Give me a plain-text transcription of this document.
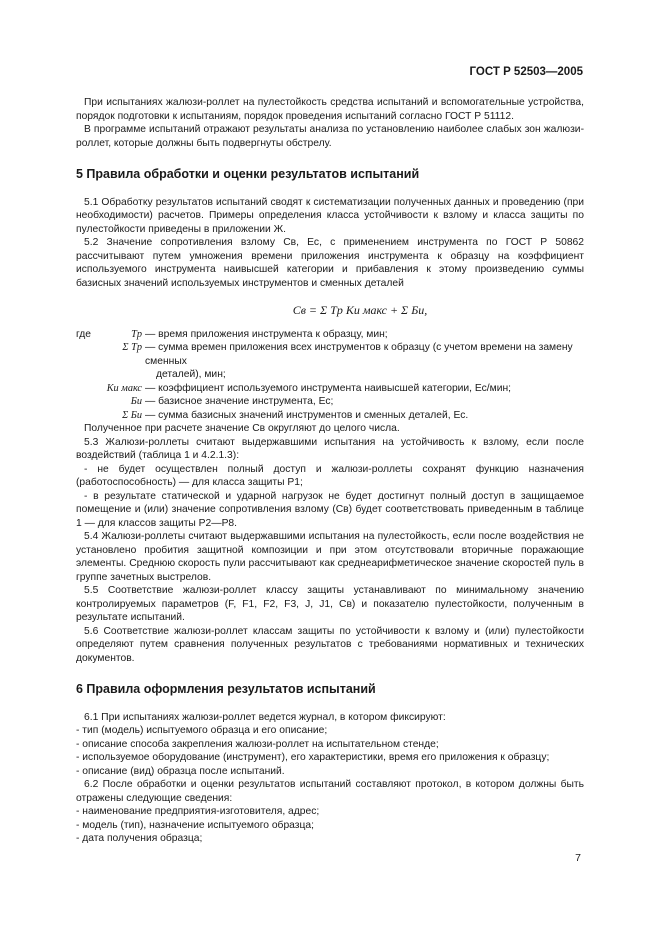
ГОСТ Р 52503—2005

При испытаниях жалюзи-роллет на пулестойкость средства испытаний и вспомогательные устройства, порядок подготовки к испытаниям, порядок проведения испытаний согласно ГОСТ Р 51112.

В программе испытаний отражают результаты анализа по установлению наиболее слабых зон жалюзи-роллет, которые должны быть подвергнуты обстрелу.

5 Правила обработки и оценки результатов испытаний

5.1 Обработку результатов испытаний сводят к систематизации полученных данных и проведению (при необходимости) расчетов. Примеры определения класса устойчивости к взлому и класса защиты по пулестойкости приведены в приложении Ж.

5.2 Значение сопротивления взлому Cв, Ес, с применением инструмента по ГОСТ Р 50862 рассчитывают путем умножения времени приложения инструмента к образцу на коэффициент используемого инструмента наивысшей категории и прибавления к этому произведению суммы базисных значений используемых инструментов и сменных деталей

Cв = Σ Tр Kи макс + Σ Би,
где	Tр — время приложения инструмента к образцу, мин;
Σ Tр — сумма времен приложения всех инструментов к образцу (с учетом времени на замену сменных
деталей), мин;
Kи макс — коэффициент используемого инструмента наивысшей категории, Ес/мин;
Би — базисное значение инструмента, Ес;
Σ Би — сумма базисных значений инструментов и сменных деталей, Ес.

Полученное при расчете значение Cв округляют до целого числа.

5.3 Жалюзи-роллеты считают выдержавшими испытания на устойчивость к взлому, если после воздействий (таблица 1 и 4.2.1.3):

- не будет осуществлен полный доступ и жалюзи-роллеты сохранят функцию назначения (работоспособность) — для класса защиты Р1;

- в результате статической и ударной нагрузок не будет достигнут полный доступ в защищаемое помещение и (или) значение сопротивления взлому (Cв) будет соответствовать приведенным в таблице 1 — для классов защиты Р2—Р8.

5.4 Жалюзи-роллеты считают выдержавшими испытания на пулестойкость, если после воздействия не установлено пробития защитной композиции и при этом отсутствовали вторичные поражающие элементы. Среднюю скорость пули рассчитывают как среднеарифметическое значение скоростей пуль в группе зачетных выстрелов.

5.5 Соответствие жалюзи-роллет классу защиты устанавливают по минимальному значению контролируемых параметров (F, F1, F2, F3, J, J1, Cв) и показателю пулестойкости, полученным в результате испытаний.

5.6 Соответствие жалюзи-роллет классам защиты по устойчивости к взлому и (или) пулестойкости определяют путем сравнения полученных результатов с требованиями нормативных и технических документов.

6 Правила оформления результатов испытаний

6.1 При испытаниях жалюзи-роллет ведется журнал, в котором фиксируют:

- тип (модель) испытуемого образца и его описание;

- описание способа закрепления жалюзи-роллет на испытательном стенде;

- используемое оборудование (инструмент), его характеристики, время его приложения к образцу;

- описание (вид) образца после испытаний.

6.2 После обработки и оценки результатов испытаний составляют протокол, в котором должны быть отражены следующие сведения:

- наименование предприятия-изготовителя, адрес;

- модель (тип), назначение испытуемого образца;

- дата получения образца;

7
